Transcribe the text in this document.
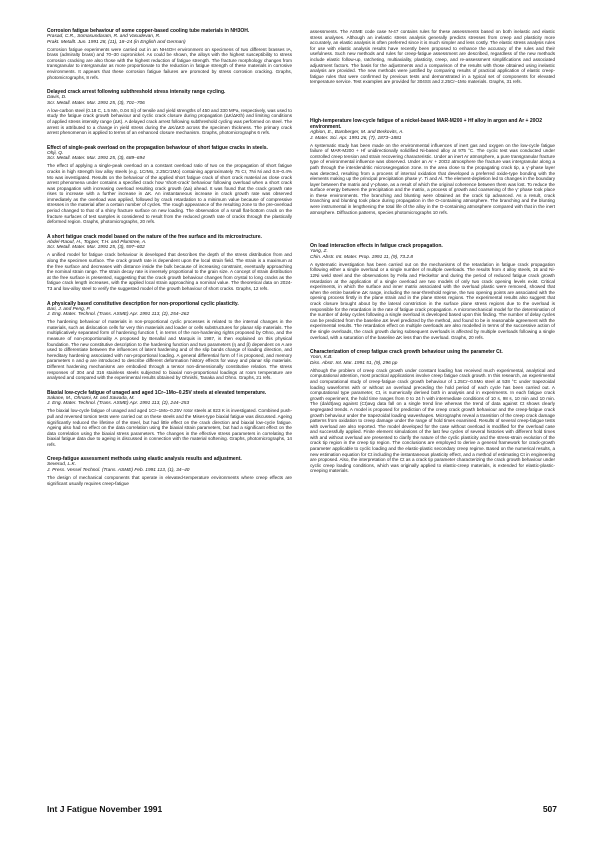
Corrosion fatigue behaviour of some copper-based cooling tube materials in NH3OH.
Prasad, C.R., Somasundaram, R. and Vasudevan, R.
Prakt. Metallt. Jun. 1991 28, (11), 18–24 (in English and German)
Corrosion fatigue experiments were carried out in an NH4OH environment on specimens of two different brasses IA, brass (admiralty brass) and 70–30 cupronickel. As could be shown, the alloys with the highest susceptibility to stress corrosion cracking are also those with the highest reduction of fatigue strength. The fracture morphology changes from transgranular to intergranular as more proportionate to the reduction in fatigue strength of these materials in corrosive environments. It appears that these corrosion fatigue failures are promoted by stress corrosion cracking. Graphs, photomicrographs, 8 refs.
Delayed crack arrest following subthreshold stress intensity range cycling.
Davis, D.
Scr. Metall. Mater. Mar. 1991 25, (3), 701–706
A low-carbon steel (0.18 C, 1.5 Mn, 0.04 Si) of tensile and yield strengths of 450 and 330 MPa, respectively, was used to study the fatigue crack growth behaviour and cyclic crack closure during propagation (ΔK/ΔKth) and limiting conditions of applied stress intensity range (ΔK). A delayed crack arrest following subthreshold cycling was performed on steel. The arrest is attributed to a change in yield stress during the ΔK/ΔK0 across the specimen thickness. The primary crack arrest phenomenon is applied to terms of an enhanced closure mechanism. Graphs, photomicrographs 6 refs.
Effect of single-peak overload on the propagation behaviour of short fatigue cracks in steels.
Ohji, Q.
Scr. Metall. Mater. Mar. 1991 25, (3), 689–694
The effect of applying a single-peak overload on a constant overload ratio of two on the propagation of short fatigue cracks in high strength low alloy steels (e.g. 1CrMo, 2.25Cr1Mo) containing approximately 75 Cr, 7Ni Ni and 0.8–0.4% Mo was investigated. Results on the behaviour of the applied short fatigue crack of short crack material as close crack arrest phenomena under contains a specified crack how 'short-crack' behaviour following overload when a short crack was propagation with increasing overload resulting crack growth (Δa) ahead. It was found that the crack growth rate rises to increase with a further increase in ΔK. An instantaneous increase in crack growth rate was observed immediately as the overload was applied, followed by crack retardation to a minimum value because of compressive stresses in the material after a certain number of cycles. The rough appearance of the resulting zone to the pre-overload period changed to that of a shiny fracture surface on new loading. The observation of a small flat-bottom crack on the fracture surfaces of test samples is considered to result from the reduced growth rate of cracks through the plastically deformed region. Graphs, photomicrographs, 20 refs.
A short fatigue crack model based on the nature of the free surface and its microstructure.
Abdel-Raouf, H., Topper, T.H. and Plumtree, A.
Scr. Metall. Mater. Mar. 1991 25, (3), 597–602
A unified model for fatigue crack behaviour is developed that describes the depth of the stress distribution from and along the specimen surface. The crack growth rate is dependent upon the local strain field. The strain is a maximum at the free surface and decreases with distance inside the bulk because of increasing constraint, eventually approaching the nominal strain range. The strain decay rate is inversely proportional to the grain size. A concept of strain distribution at the free surface is presented, suggesting that the crack growth behaviour changes from crystal to long cracks as the fatigue crack length increases, with the applied local strain approaching a nominal value. The theoretical data on 2024-T3 and low-alloy steel to verify the suggested model of the growth behaviour of short cracks. Graphs, 12 refs.
A physically based constitutive description for non-proportional cyclic plasticity.
Bari, J. and Peng, P.
J. Eng. Mater. Technol. (Trans. ASME) Apr. 1991 113, (2), 254–262
The hardening behaviour of materials in non-proportional cyclic processes is related to the internal changes in the materials, such as dislocation cells for very thin materials and loader or cells substructures for planar slip materials. The multiplicatively separated form of hardening function f, in terms of the non-hardening rights proposed by Ohno, and the measure of non-proportionality A proposed by Benallal and Marquis in 1987, is then explained on this physical foundation. The new constitutive description to the hardening function and two parameters (η and β) dependent on A are used to differentiate between the influences of latent hardening and of the slip bands change of loading direction, and hereditary hardening associated with non-proportional loading. A general differential form of f is proposed, and memory parameters n and φ are introduced to describe different deformation history effects for wavy and planar slip materials. Different hardening mechanisms are embodied through a tensor non-dimensionally constitutive relation. The stress responses of 304 and 316 stainless steels subjected to biaxial non-proportional loadings at room temperature are analysed and compared with the experimental results obtained by Ohnishi, Tanaka and Ohno. Graphs, 21 refs.
Biaxial low-cycle fatigue of unaged and aged 1Cr–1Mo–0.25V steels at elevated temperature.
Sakane, M., Ohnami, M. and Sawada, M.
J. Eng. Mater. Technol. (Trans. ASME) Apr. 1991 113, (2), 244–253
The biaxial low-cycle fatigue of unaged and aged 1Cr–1Mo–0.25V rotor steels at 823 K is investigated. Combined push-pull and reversed torsion tests were carried out on these steels and the Mises-type biaxial fatigue was discussed. Ageing significantly reduced the lifetime of the steel, but had little effect on the crack direction and biaxial low-cycle fatigue. Ageing also had no effect on the data correlation using the biaxial strain parameters, but had a significant effect on the data correlation using the biaxial stress parameters. The changes in the effective stress parameters in correlating the biaxial fatigue data due to ageing is discussed in connection with the material softening. Graphs, photomicrographs, 14 refs.
Creep-fatigue assessment methods using elastic analysis results and adjustment.
Severud, L.K.
J. Press. Vessel Technol. (Trans. ASME) Feb. 1991 113, (1), 34–40
The design of mechanical components that operate in elevated-temperature environments where creep effects are significant usually requires creep-fatigue
assessments. The ASME code case N-47 contains rules for these assessments based on both inelastic and elastic stress analyses. Although an inelastic stress analysis generally predicts stresses from creep and plasticity more accurately, an elastic analysis is often preferred since it is much simpler and less costly. The elastic stress analysis rules for use with elastic analysis results have recently been proposed to enhance the accuracy of the rules and their usefulness. Such new methods and rules for creep-fatigue assessment are described, regardless of the new methods include elastic follow-up, ratcheting, multiaxiality, plasticity, creep, and re-assessment simplifications and associated adjustment factors. The basis for the adjustments and a comparison of the results with those obtained using inelastic analysis are provided. The new methods were justified by comparing results of practical application of elastic creep-fatigue rules that were confirmed by previous tests and demonstrated in a typical set of components for elevated temperature service. Test examples are provided for 304SS and 2.25Cr–1Mo materials. Graphs, 31 refs.
High-temperature low-cycle fatigue of a nickel-based MAR-M200 + Hf alloy in argon and Ar + 20O2 environment.
Aghion, E., Bamberger, M. and Berkovits, A.
J. Mater. Sci. Apr. 1991 26, (7), 1873–1881
A systematic study has been made on the environmental influences of inert gas and oxygen on the low-cycle fatigue failure of MAR-M200 + Hf unidirectionally solidified Ni-based alloy at 975 °C. The cyclic test was conducted under controlled creep tension and strain recovering characteristic. Under an inert Ar atmosphere, a pure transgranular fracture type of environmental influence was observed. Under an Ar + 20O2 atmosphere the fracture was intergranular along a path through the interdendritic microsegregation zone. In the area close to the propagating crack tip, a γ′-phase layer was detected, resulting from a process of internal oxidation that developed a preferred oxide-type bonding with the elements making up the principal precipitation phase γ′. Ti and Al. The element-depletion led to changes in the boundary layer between the matrix and γ′-phase, as a result of which the original coherence between them was lost. To reduce the surface energy between the precipitation and the matrix, a process of growth and coarsening of the γ′ phase took place in these environments. The branching and blunting were obtained as the crack tip advanced. As a result, crack branching and blunting took place during propagation in the O-containing atmosphere. The branching and the blunting were instrumental in lengthening the total life of the alloy in the O-containing atmosphere compared with that in the inert atmosphere. Diffraction patterns, species photomicrographs 10 refs.
On load interaction effects in fatigue crack propagation.
Yang, Z.
Chin. Abstr. Int. Mater. Prop. 1991 11, (9), 73.2.8
A systematic investigation has been carried out on the mechanisms of the retardation in fatigue crack propagation following either a single overload or a single number of multiple overloads. The results from 4 alloy steels, 16 and Ni-12Ni weld steel and the observations by Fella and Fleckeltor and during the period of reduced fatigue crack growth retardation at the application of a single overload are two models of only two crack opening levels exist. Critical experiments, in which the surface and inner matrix associated with the overload plastic were removed, showed that when the entire baseline ΔK range, including the near-threshold regime, the two opening points are associated with the opening process firstly in the plane strain and in the plane stress regions. The experimental results also suggest that crack closure brought about by the lateral constriction in the surface plane stress regions due to the overload is responsible for the retardation in the rate of fatigue crack propagation. A micromechanical model for the determination of the number of delay cycles following a single overload is developed based upon this finding. The number of delay cycles can be predicted from the baseline ΔK level predicted by the method, and found to be in reasonable agreement with the experimental results. The retardation effect on multiple overloads are also modelled in terms of the successive action of the single overloads, the crack growth during subsequent overloads is affected by multiple overloads following a single overload, with a saturation of the baseline ΔK less than the overload. Graphs, 20 refs.
Characterization of creep fatigue crack growth behaviour using the parameter Ct.
Yoon, K.B.
Diss. Abstr. Int. Mar. 1991 51, (9), 296 pp
Although the problem of creep crack growth under constant loading has received much experimental, analytical and computational attention, most practical applications involve creep fatigue crack growth. In this research, an experimental and computational study of creep-fatigue crack growth behaviour of 1.25Cr–0.5Mo steel at 538 °C under trapezoidal loading waveforms with or without an overload preceding the hold period of each cycle has been carried out. A computational type parameter, Ct, is numerically derived both in analysis and in experiments. In each fatigue crack growth experiment, the hold time ranges from 0 to 24 h with intermediate conditions of 10 s, 98 s, 10 min and 10 min. The (da/dt)avg against (Ct)avg data fall on a single trend line whereas the trend of data against Ct shows clearly segregated trends. A model is proposed for prediction of the creep crack growth behaviour and the creep-fatigue crack growth behaviour under the trapezoidal loading waveshapes. Micrographs reveal a transition of the creep crack damage patterns from oxidation to creep damage under the range of hold times examined. Results of several creep-fatigue tests with overload are also reported. The model developed for the case without overload is modified for the overload case and successfully applied. Finite element simulations of the last few cycles of several histories with different hold times with and without overload are presented to clarify the nature of the cyclic plasticity and the stress-strain evolution of the crack tip region in the creep tip region. The conclusions are employed to derive a general framework for crack-growth parameter applicable to cyclic loading and the elastic-plastic secondary creep regime. Based on the numerical results, a new estimation equation for Ct including the instantaneous plasticity effect, and a method of estimating Ct in engineering are proposed. Also, the interpretation of the Ct as a crack tip parameter characterizing the crack growth behaviour under cyclic creep loading conditions, which was originally applied to elastic-creep materials, is extended for elastic-plastic-creeping materials.
Int J Fatigue November 1991	507
